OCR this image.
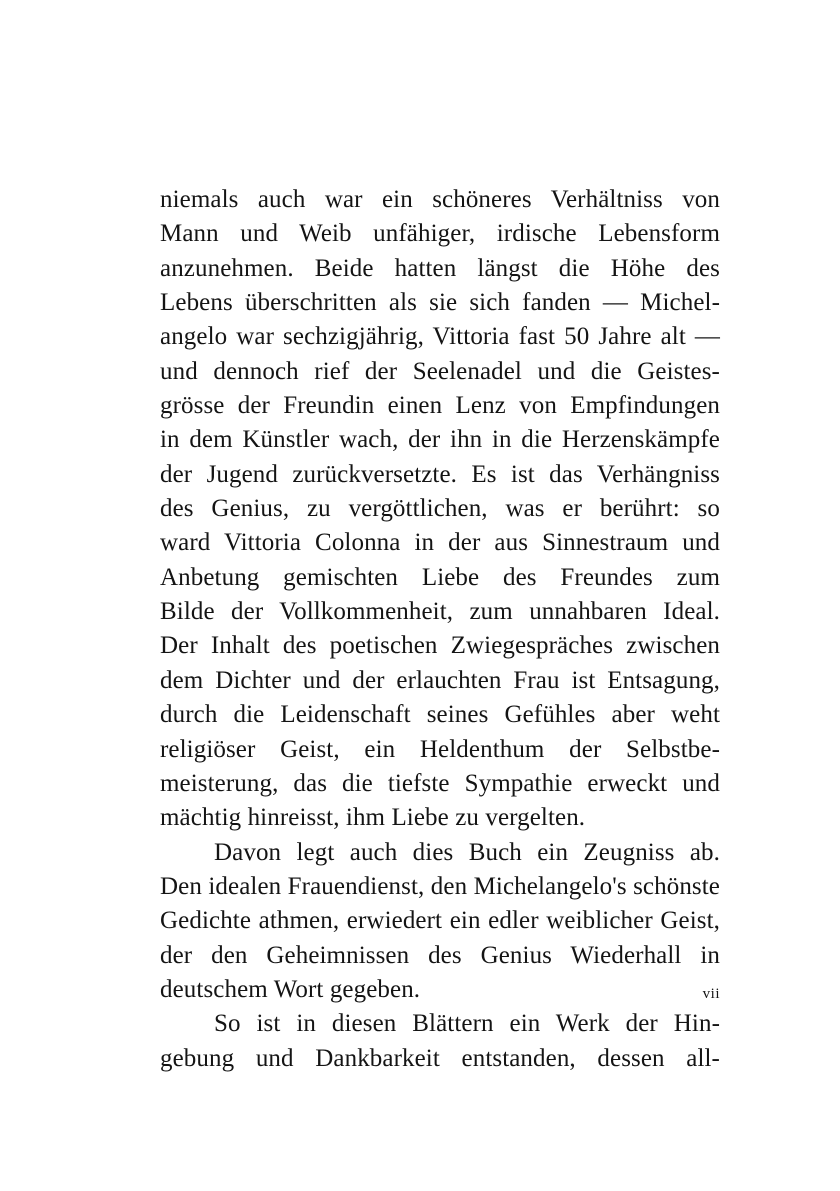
niemals auch war ein schöneres Verhältniss von
Mann und Weib unfähiger, irdische Lebensform
anzunehmen. Beide hatten längst die Höhe des
Lebens überschritten als sie sich fanden — Michel-
angelo war sechzigjährig, Vittoria fast 50 Jahre alt —
und dennoch rief der Seelenadel und die Geistes-
grösse der Freundin einen Lenz von Empfindungen
in dem Künstler wach, der ihn in die Herzenskämpfe
der Jugend zurückversetzte. Es ist das Verhängniss
des Genius, zu vergöttlichen, was er berührt: so
ward Vittoria Colonna in der aus Sinnestraum und
Anbetung gemischten Liebe des Freundes zum
Bilde der Vollkommenheit, zum unnahbaren Ideal.
Der Inhalt des poetischen Zwiegespräches zwischen
dem Dichter und der erlauchten Frau ist Entsagung,
durch die Leidenschaft seines Gefühles aber weht
religiöser Geist, ein Heldenthum der Selbstbe-
meisterung, das die tiefste Sympathie erweckt und
mächtig hinreisst, ihm Liebe zu vergelten.
Davon legt auch dies Buch ein Zeugniss ab.
Den idealen Frauendienst, den Michelangelo's schönste
Gedichte athmen, erwiedert ein edler weiblicher Geist,
der den Geheimnissen des Genius Wiederhall in
deutschem Wort gegeben.
So ist in diesen Blättern ein Werk der Hin-
gebung und Dankbarkeit entstanden, dessen all-
vii
